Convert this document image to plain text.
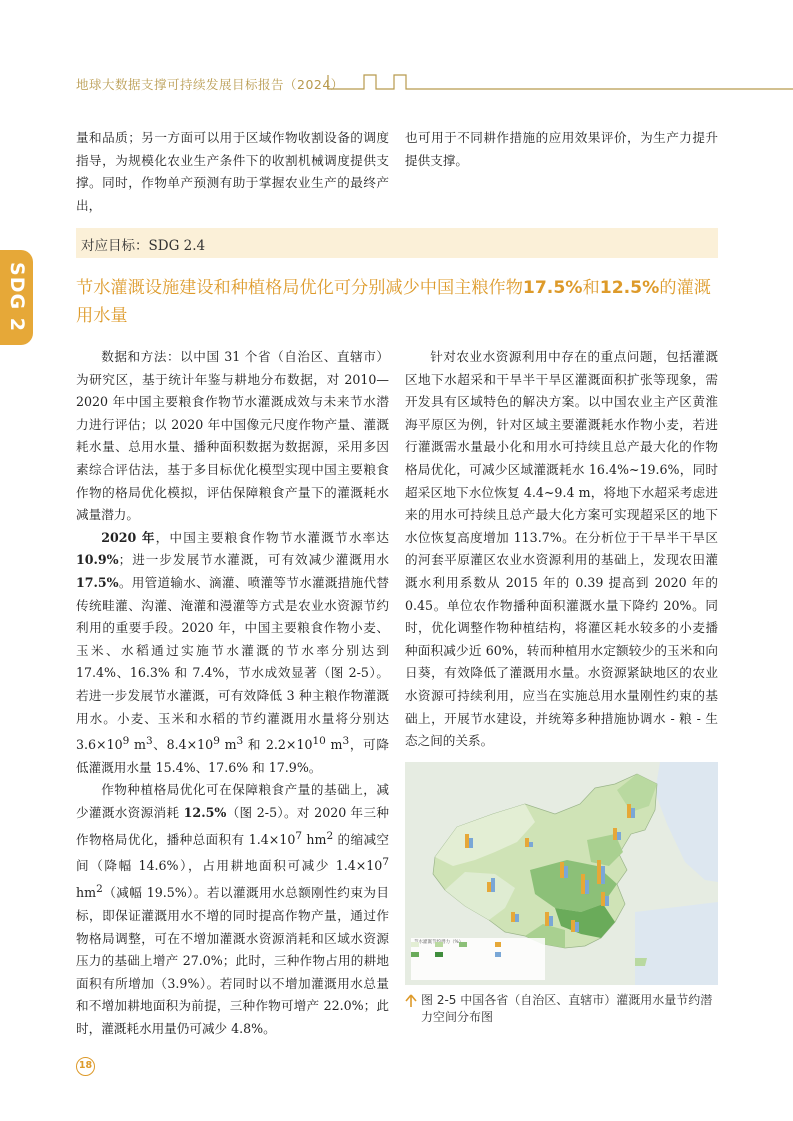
地球大数据支撑可持续发展目标报告（2024）
SDG 2

量和品质；另一方面可以用于区域作物收割设备的调度指导，为规模化农业生产条件下的收割机械调度提供支撑。同时，作物单产预测有助于掌握农业生产的最终产出，

也可用于不同耕作措施的应用效果评价，为生产力提升提供支撑。

对应目标：SDG 2.4
节水灌溉设施建设和种植格局优化可分别减少中国主粮作物17.5%和12.5%的灌溉用水量

数据和方法：以中国 31 个省（自治区、直辖市）为研究区，基于统计年鉴与耕地分布数据，对 2010—2020 年中国主要粮食作物节水灌溉成效与未来节水潜力进行评估；以 2020 年中国像元尺度作物产量、灌溉耗水量、总用水量、播种面积数据为数据源，采用多因素综合评估法，基于多目标优化模型实现中国主要粮食作物的格局优化模拟，评估保障粮食产量下的灌溉耗水减量潜力。

2020 年，中国主要粮食作物节水灌溉节水率达 10.9%；进一步发展节水灌溉，可有效减少灌溉用水 17.5%。用管道输水、滴灌、喷灌等节水灌溉措施代替传统畦灌、沟灌、淹灌和漫灌等方式是农业水资源节约利用的重要手段。2020 年，中国主要粮食作物小麦、玉米、水稻通过实施节水灌溉的节水率分别达到 17.4%、16.3% 和 7.4%，节水成效显著（图 2-5）。若进一步发展节水灌溉，可有效降低 3 种主粮作物灌溉用水。小麦、玉米和水稻的节约灌溉用水量将分别达 $3.6\times 10^9$ $m^3$、$8.4\times 10^9$ $m^3$ 和 $2.2\times 10^{10}$ $m^3$，可降低灌溉用水量 15.4%、17.6% 和 17.9%。

作物种植格局优化可在保障粮食产量的基础上，减少灌溉水资源消耗 12.5%（图 2-5）。对 2020 年三种作物格局优化，播种总面积有 $1.4\times 10^7$ $hm^2$ 的缩减空间（降幅 14.6%），占用耕地面积可减少 $1.4\times 10^7$ $hm^2$（减幅 19.5%）。若以灌溉用水总额刚性约束为目标，即保证灌溉用水不增的同时提高作物产量，通过作物格局调整，可在不增加灌溉水资源消耗和区域水资源压力的基础上增产 27.0%；此时，三种作物占用的耕地面积有所增加（3.9%）。若同时以不增加灌溉用水总量和不增加耕地面积为前提，三种作物可增产 22.0%；此时，灌溉耗水用量仍可减少 4.8%。

针对农业水资源利用中存在的重点问题，包括灌溉区地下水超采和干旱半干旱区灌溉面积扩张等现象，需开发具有区域特色的解决方案。以中国农业主产区黄淮海平原区为例，针对区域主要灌溉耗水作物小麦，若进行灌溉需水量最小化和用水可持续且总产最大化的作物格局优化，可减少区域灌溉耗水 16.4%~19.6%，同时超采区地下水位恢复 4.4~9.4 m，将地下水超采考虑进来的用水可持续且总产最大化方案可实现超采区的地下水位恢复高度增加 113.7%。在分析位于干旱半干旱区的河套平原灌区农业水资源利用的基础上，发现农田灌溉水利用系数从 2015 年的 0.39 提高到 2020 年的 0.45。单位农作物播种面积灌溉水量下降约 20%。同时，优化调整作物种植结构，将灌区耗水较多的小麦播种面积减少近 60%，转而种植用水定额较少的玉米和向日葵，有效降低了灌溉用水量。水资源紧缺地区的农业水资源可持续利用，应当在实施总用水量刚性约束的基础上，开展节水建设，并统筹多种措施协调水 - 粮 - 生态之间的关系。

图 2-5 中国各省（自治区、直辖市）灌溉用水量节约潜力空间分布图
18
